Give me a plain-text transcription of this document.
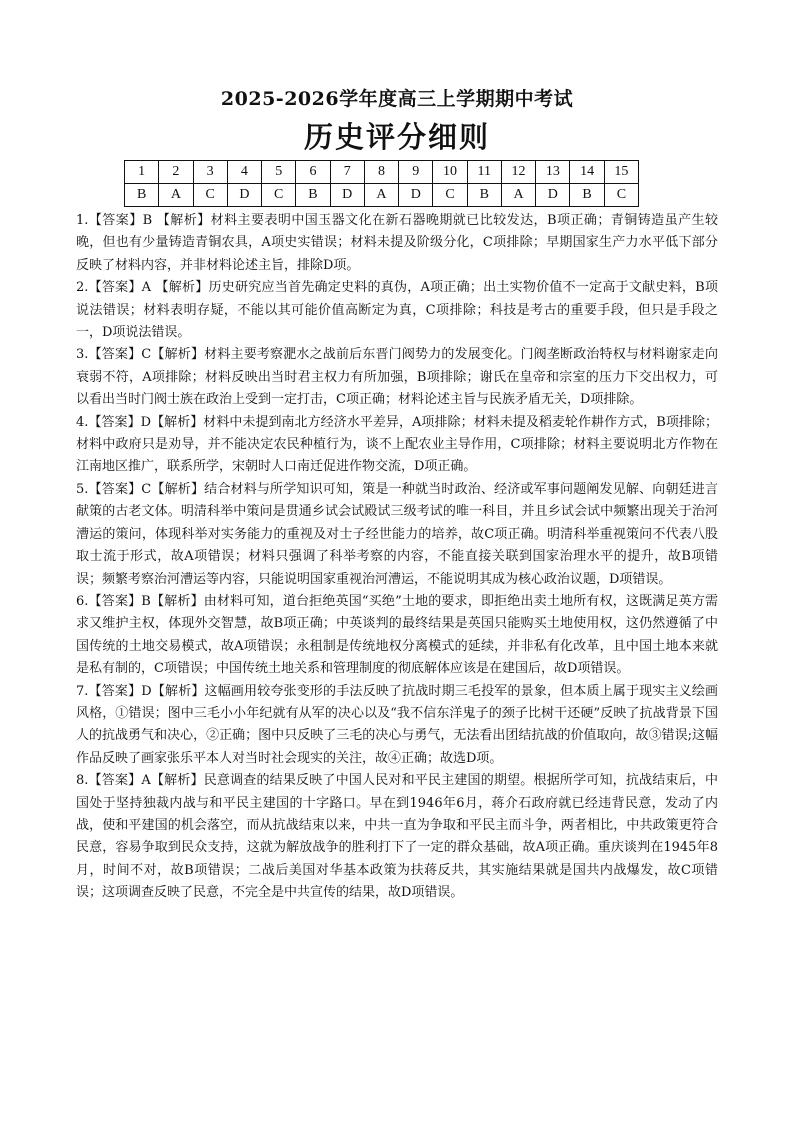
2025-2026学年度高三上学期期中考试
历史评分细则
1	2	3	4	5	6	7	8	9	10	11	12	13	14	15
B	A	C	D	C	B	D	A	D	C	B	A	D	B	C

1.【答案】B 【解析】材料主要表明中国玉器文化在新石器晚期就已比较发达，B项正确；青铜铸造虽产生较晚，但也有少量铸造青铜农具，A项史实错误；材料未提及阶级分化，C项排除；早期国家生产力水平低下部分反映了材料内容，并非材料论述主旨，排除D项。

2.【答案】A 【解析】历史研究应当首先确定史料的真伪，A项正确；出土实物价值不一定高于文献史料，B项说法错误；材料表明存疑，不能以其可能价值高断定为真，C项排除；科技是考古的重要手段，但只是手段之一，D项说法错误。

3.【答案】C【解析】材料主要考察淝水之战前后东晋门阀势力的发展变化。门阀垄断政治特权与材料谢家走向衰弱不符，A项排除；材料反映出当时君主权力有所加强，B项排除；谢氏在皇帝和宗室的压力下交出权力，可以看出当时门阀士族在政治上受到一定打击，C项正确；材料论述主旨与民族矛盾无关，D项排除。

4.【答案】D【解析】材料中未提到南北方经济水平差异，A项排除；材料未提及稻麦轮作耕作方式，B项排除；材料中政府只是劝导，并不能决定农民种植行为，谈不上配农业主导作用，C项排除；材料主要说明北方作物在江南地区推广，联系所学，宋朝时人口南迁促进作物交流，D项正确。

5.【答案】C【解析】结合材料与所学知识可知，策是一种就当时政治、经济或军事问题阐发见解、向朝廷进言献策的古老文体。明清科举中策问是贯通乡试会试殿试三级考试的唯一科目，并且乡试会试中频繁出现关于治河漕运的策问，体现科举对实务能力的重视及对士子经世能力的培养，故C项正确。明清科举重视策问不代表八股取士流于形式，故A项错误；材料只强调了科举考察的内容，不能直接关联到国家治理水平的提升，故B项错误；频繁考察治河漕运等内容，只能说明国家重视治河漕运，不能说明其成为核心政治议题，D项错误。

6.【答案】B【解析】由材料可知，道台拒绝英国“买绝”土地的要求，即拒绝出卖土地所有权，这既满足英方需求又维护主权，体现外交智慧，故B项正确；中英谈判的最终结果是英国只能购买土地使用权，这仍然遵循了中国传统的土地交易模式，故A项错误；永租制是传统地权分离模式的延续，并非私有化改革，且中国土地本来就是私有制的，C项错误；中国传统土地关系和管理制度的彻底解体应该是在建国后，故D项错误。

7.【答案】D【解析】这幅画用较夸张变形的手法反映了抗战时期三毛投军的景象，但本质上属于现实主义绘画风格，①错误；图中三毛小小年纪就有从军的决心以及“我不信东洋鬼子的颈子比树干还硬”反映了抗战背景下国人的抗战勇气和决心，②正确；图中只反映了三毛的决心与勇气，无法看出团结抗战的价值取向，故③错误;这幅作品反映了画家张乐平本人对当时社会现实的关注，故④正确；故选D项。

8.【答案】A【解析】民意调查的结果反映了中国人民对和平民主建国的期望。根据所学可知，抗战结束后，中国处于坚持独裁内战与和平民主建国的十字路口。早在到1946年6月，蒋介石政府就已经违背民意，发动了内战，使和平建国的机会落空，而从抗战结束以来，中共一直为争取和平民主而斗争，两者相比，中共政策更符合民意，容易争取到民众支持，这就为解放战争的胜利打下了一定的群众基础，故A项正确。重庆谈判在1945年8月，时间不对，故B项错误；二战后美国对华基本政策为扶蒋反共，其实施结果就是国共内战爆发，故C项错误；这项调查反映了民意，不完全是中共宣传的结果，故D项错误。
